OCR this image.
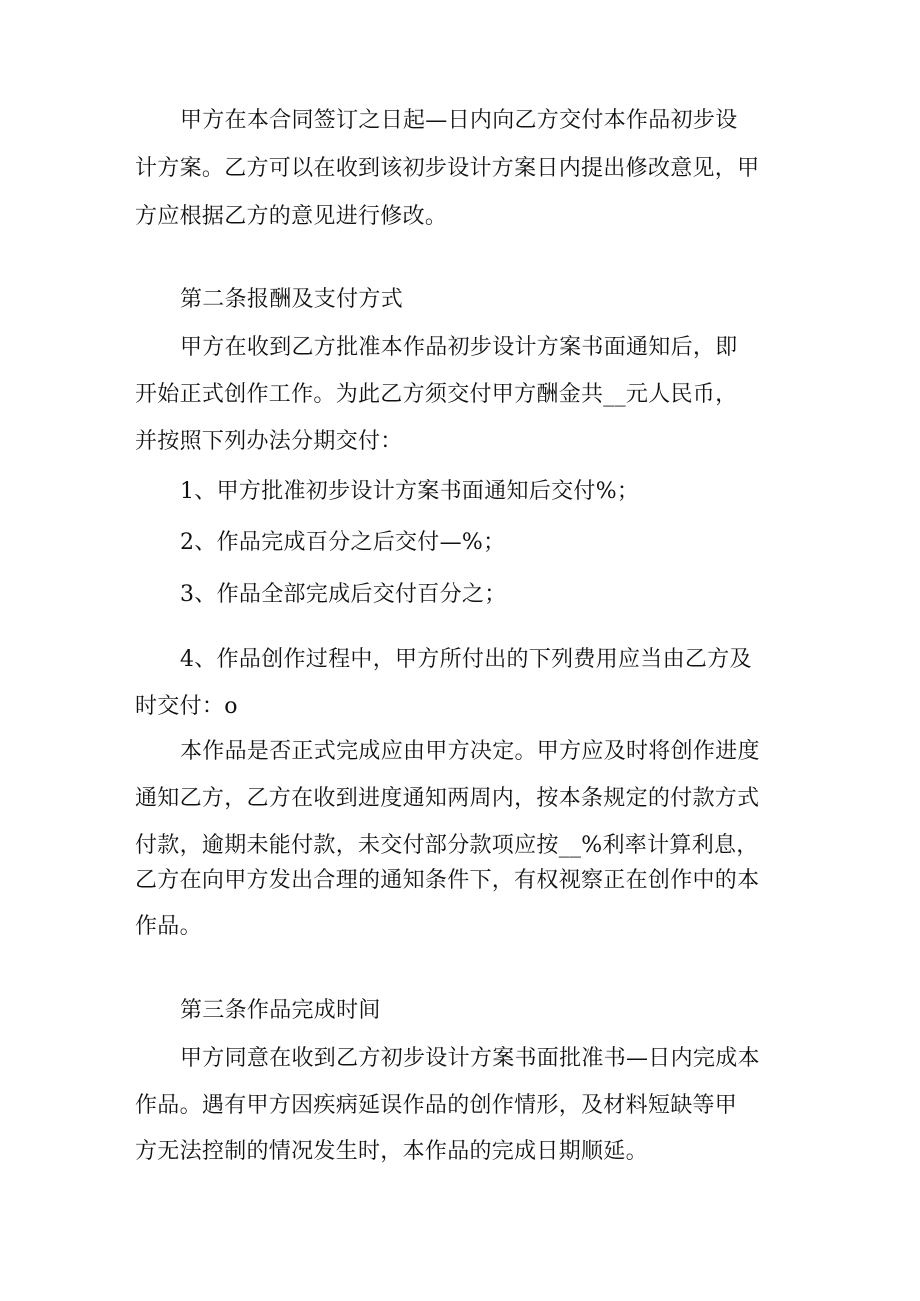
甲方在本合同签订之日起—日内向乙方交付本作品初步设

计方案。乙方可以在收到该初步设计方案日内提出修改意见，甲

方应根据乙方的意见进行修改。

第二条报酬及支付方式

甲方在收到乙方批准本作品初步设计方案书面通知后，即

开始正式创作工作。为此乙方须交付甲方酬金共__元人民币，

并按照下列办法分期交付：

1、甲方批准初步设计方案书面通知后交付%；

2、作品完成百分之后交付—%；

3、作品全部完成后交付百分之；

4、作品创作过程中，甲方所付出的下列费用应当由乙方及

时交付：o

本作品是否正式完成应由甲方决定。甲方应及时将创作进度

通知乙方，乙方在收到进度通知两周内，按本条规定的付款方式

付款，逾期未能付款，未交付部分款项应按__%利率计算利息，

乙方在向甲方发出合理的通知条件下，有权视察正在创作中的本

作品。

第三条作品完成时间

甲方同意在收到乙方初步设计方案书面批准书—日内完成本

作品。遇有甲方因疾病延误作品的创作情形，及材料短缺等甲

方无法控制的情况发生时，本作品的完成日期顺延。
